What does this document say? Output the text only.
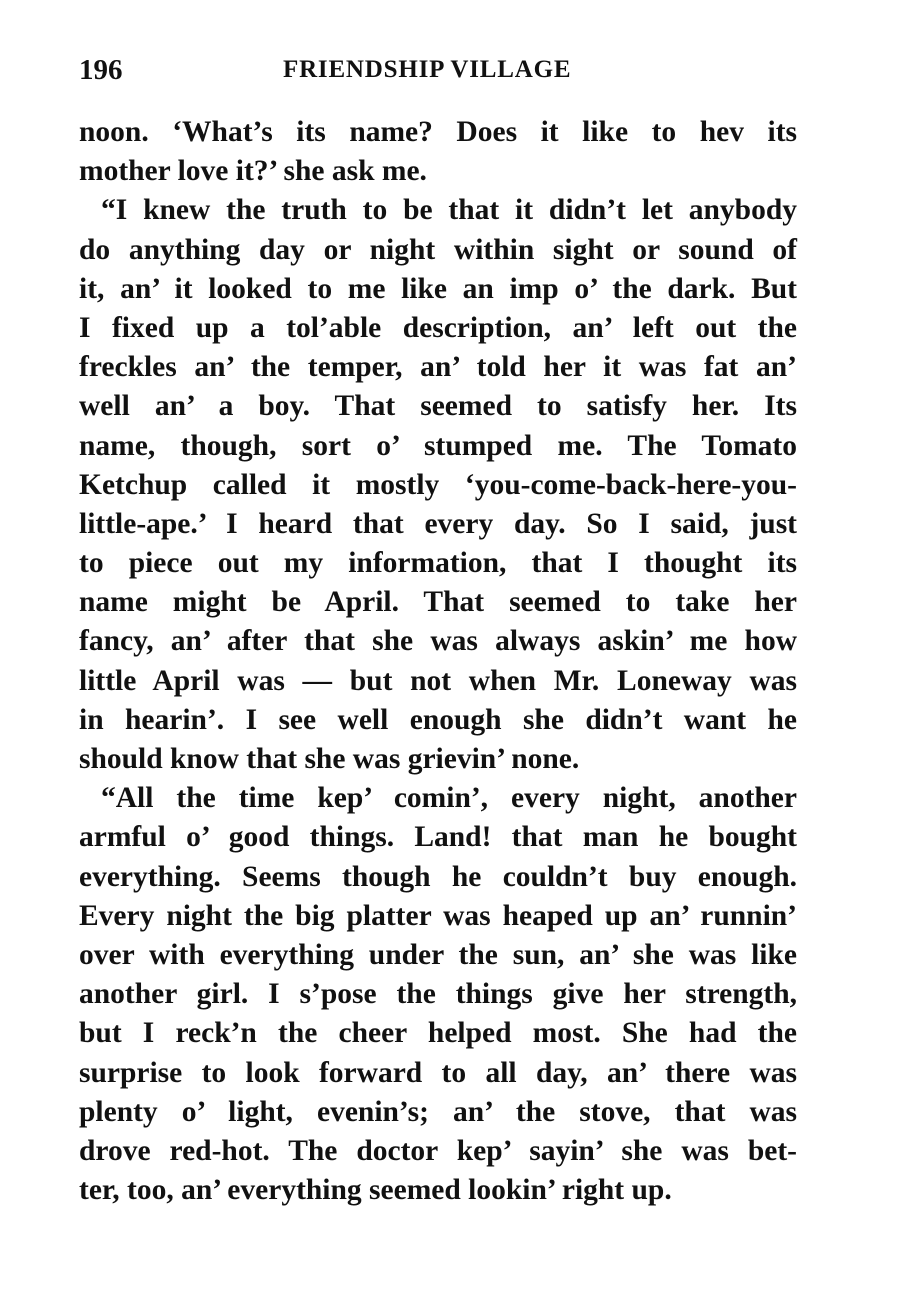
196	FRIENDSHIP VILLAGE
noon. ‘What’s its name? Does it like to hev its
mother love it?’ she ask me.
“I knew the truth to be that it didn’t let anybody
do anything day or night within sight or sound of
it, an’ it looked to me like an imp o’ the dark. But
I fixed up a tol’able description, an’ left out the
freckles an’ the temper, an’ told her it was fat an’
well an’ a boy. That seemed to satisfy her. Its
name, though, sort o’ stumped me. The Tomato
Ketchup called it mostly ‘you-come-back-here-you-
little-ape.’ I heard that every day. So I said, just
to piece out my information, that I thought its
name might be April. That seemed to take her
fancy, an’ after that she was always askin’ me how
little April was — but not when Mr. Loneway was
in hearin’. I see well enough she didn’t want he
should know that she was grievin’ none.
“All the time kep’ comin’, every night, another
armful o’ good things. Land! that man he bought
everything. Seems though he couldn’t buy enough.
Every night the big platter was heaped up an’ runnin’
over with everything under the sun, an’ she was like
another girl. I s’pose the things give her strength,
but I reck’n the cheer helped most. She had the
surprise to look forward to all day, an’ there was
plenty o’ light, evenin’s; an’ the stove, that was
drove red-hot. The doctor kep’ sayin’ she was bet-
ter, too, an’ everything seemed lookin’ right up.
